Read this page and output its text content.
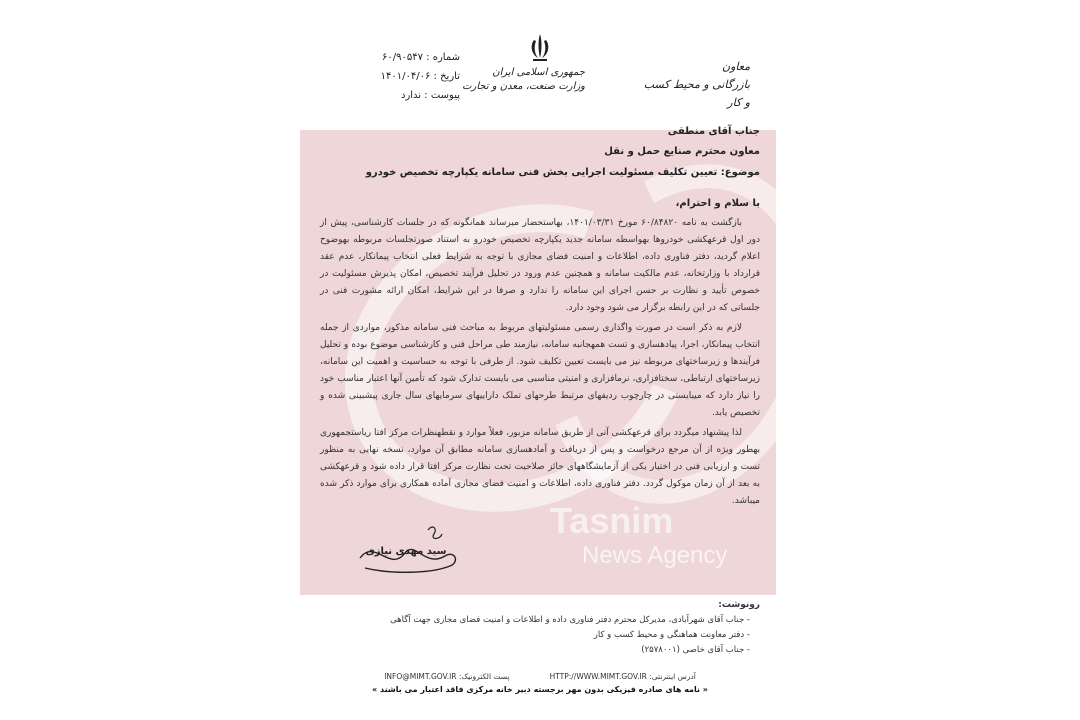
Tasnim
News Agency
معاون
بازرگانی و محیط کسب و کار
جمهوری اسلامی ایران
وزارت صنعت، معدن و تجارت
شماره : ۶۰/۹۰۵۴۷
تاریخ : ۱۴۰۱/۰۴/۰۶
پیوست : ندارد
جناب آقای منطقی
معاون محترم صنایع حمل و نقل
موضوع: تعیین تکلیف مسئولیت اجرایی بخش فنی سامانه یکپارچه تخصیص خودرو
با سلام و احترام،
بازگشت به نامه ۶۰/۸۴۸۲۰ مورخ ۱۴۰۱/۰۳/۳۱، بهاستحضار میرساند همانگونه که در جلسات کارشناسی، پیش از دور اول قرعهکشی خودروها بهواسطه سامانه جدید یکپارچه تخصیص خودرو به استناد صورتجلسات مربوطه بهوضوح اعلام گردید، دفتر فناوری داده، اطلاعات و امنیت فضای مجازی با توجه به شرایط فعلی انتخاب پیمانکار، عدم عقد قرارداد با وزارتخانه، عدم مالکیت سامانه و همچنین عدم ورود در تحلیل فرآیند تخصیص، امکان پذیرش مسئولیت در خصوص تأیید و نظارت بر حسن اجرای این سامانه را ندارد و صرفا در این شرایط، امکان ارائه مشورت فنی در جلساتی که در این رابطه برگزار می شود وجود دارد.
لازم به ذکر است در صورت واگذاری رسمی مسئولیتهای مربوط به مباحث فنی سامانه مذکور، مواردی از جمله انتخاب پیمانکار، اجرا، پیادهسازی و تست همهجانبه سامانه، نیازمند طی مراحل فنی و کارشناسی موضوع بوده و تحلیل فرآیندها و زیرساختهای مربوطه نیز می بایست تعیین تکلیف شود. از طرفی با توجه به حساسیت و اهمیت این سامانه، زیرساختهای ارتباطی، سختافزاری، نرمافزاری و امنیتی مناسبی می بایست تدارک شود که تأمین آنها اعتبار مناسب خود را نیاز دارد که میبایستی در چارچوب ردیفهای مرتبط طرحهای تملک داراییهای سرمایهای سال جاری پیشبینی شده و تخصیص یابد.
لذا پیشنهاد میگردد برای قرعهکشی آتی از طریق سامانه مزبور، فعلاً موارد و نقطهنظرات مرکز افتا ریاستجمهوری بهطور ویژه از آن مرجع درخواست و پس از دریافت و آمادهسازی سامانه مطابق آن موارد، نسخه نهایی به منظور تست و ارزیابی فنی در اختیار یکی از آزمایشگاههای حائز صلاحیت تحت نظارت مرکز افتا قرار داده شود و قرعهکشی به بعد از آن زمان موکول گردد. دفتر فناوری داده، اطلاعات و امنیت فضای مجازی آماده همکاری برای موارد ذکر شده میباشد.
سید مهدی نیازی
رونوشت:
- جناب آقای شهرآبادی، مدیرکل محترم دفتر فناوری داده و اطلاعات و امنیت فضای مجازی جهت آگاهی
- دفتر معاونت هماهنگی و محیط کسب و کار
- جناب آقای خاصی (۲۵۷۸۰۰۱)
آدرس اینترنتی: HTTP://WWW.MIMT.GOV.IR
پست الکترونیک: INFO@MIMT.GOV.IR
« نامه های صادره فیزیکی بدون مهر برجسته دبیر خانه مرکزی فاقد اعتبار می باشند »
